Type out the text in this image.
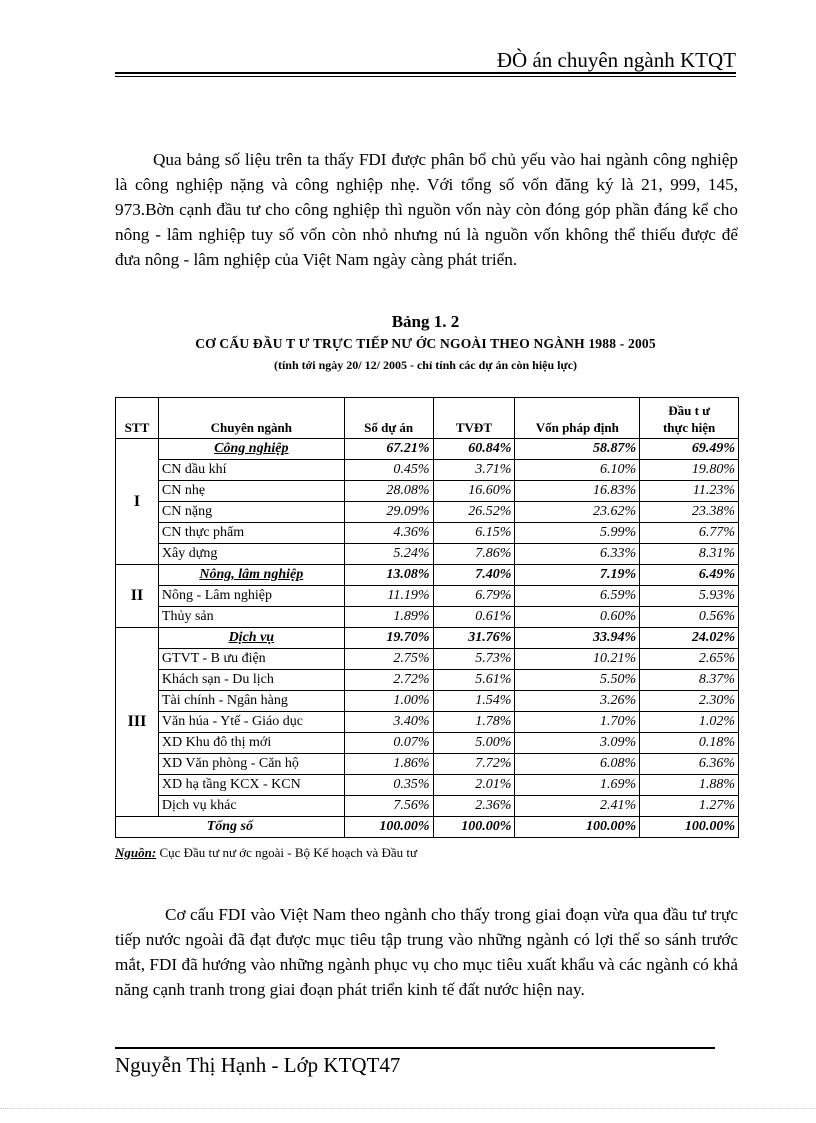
ĐÒ án chuyên ngành KTQT
Qua bảng số liệu trên ta thấy FDI được phân bổ chủ yếu vào hai ngành công nghiệp là công nghiệp nặng và công nghiệp nhẹ. Với tổng số vốn đăng ký là 21, 999, 145, 973.Bờn cạnh đầu tư cho công nghiệp thì nguồn vốn này còn đóng góp phần đáng kể cho nông - lâm nghiệp tuy số vốn còn nhỏ nhưng nú là nguồn vốn không thể thiếu được để đưa nông - lâm nghiệp của Việt Nam ngày càng phát triển.
Bảng 1. 2
CƠ CẤU ĐẦU T Ư TRỰC TIẾP NƯ ỚC NGOÀI THEO NGÀNH 1988 - 2005
(tính tới ngày 20/ 12/ 2005 - chỉ tính các dự án còn hiệu lực)
STT	Chuyên ngành	Số dự án	TVĐT	Vốn pháp định	Đầu t ư
thực hiện
I	Công nghiệp	67.21%	60.84%	58.87%	69.49%
	CN dầu khí	0.45%	3.71%	6.10%	19.80%
	CN nhẹ	28.08%	16.60%	16.83%	11.23%
	CN nặng	29.09%	26.52%	23.62%	23.38%
	CN thực phẩm	4.36%	6.15%	5.99%	6.77%
	Xây dựng	5.24%	7.86%	6.33%	8.31%
II	Nông, lâm nghiệp	13.08%	7.40%	7.19%	6.49%
	Nông - Lâm nghiệp	11.19%	6.79%	6.59%	5.93%
	Thủy sản	1.89%	0.61%	0.60%	0.56%
III	Dịch vụ	19.70%	31.76%	33.94%	24.02%
	GTVT - B ưu điện	2.75%	5.73%	10.21%	2.65%
	Khách sạn - Du lịch	2.72%	5.61%	5.50%	8.37%
	Tài chính - Ngân hàng	1.00%	1.54%	3.26%	2.30%
	Văn húa - Ytế - Giáo dục	3.40%	1.78%	1.70%	1.02%
	XD Khu đô thị mới	0.07%	5.00%	3.09%	0.18%
	XD Văn phòng - Căn hộ	1.86%	7.72%	6.08%	6.36%
	XD hạ tầng KCX - KCN	0.35%	2.01%	1.69%	1.88%
	Dịch vụ khác	7.56%	2.36%	2.41%	1.27%
Tổng số		100.00%	100.00%	100.00%	100.00%
Nguồn: Cục Đầu tư nư ớc ngoài - Bộ Kế hoạch và Đầu tư
Cơ cấu FDI vào Việt Nam theo ngành cho thấy trong giai đoạn vừa qua đầu tư trực tiếp nước ngoài đã đạt được mục tiêu tập trung vào những ngành có lợi thế so sánh trước mắt, FDI đã hướng vào những ngành phục vụ cho mục tiêu xuất khẩu và các ngành có khả năng cạnh tranh trong giai đoạn phát triển kinh tế đất nước hiện nay.
Nguyễn Thị Hạnh - Lớp KTQT47
